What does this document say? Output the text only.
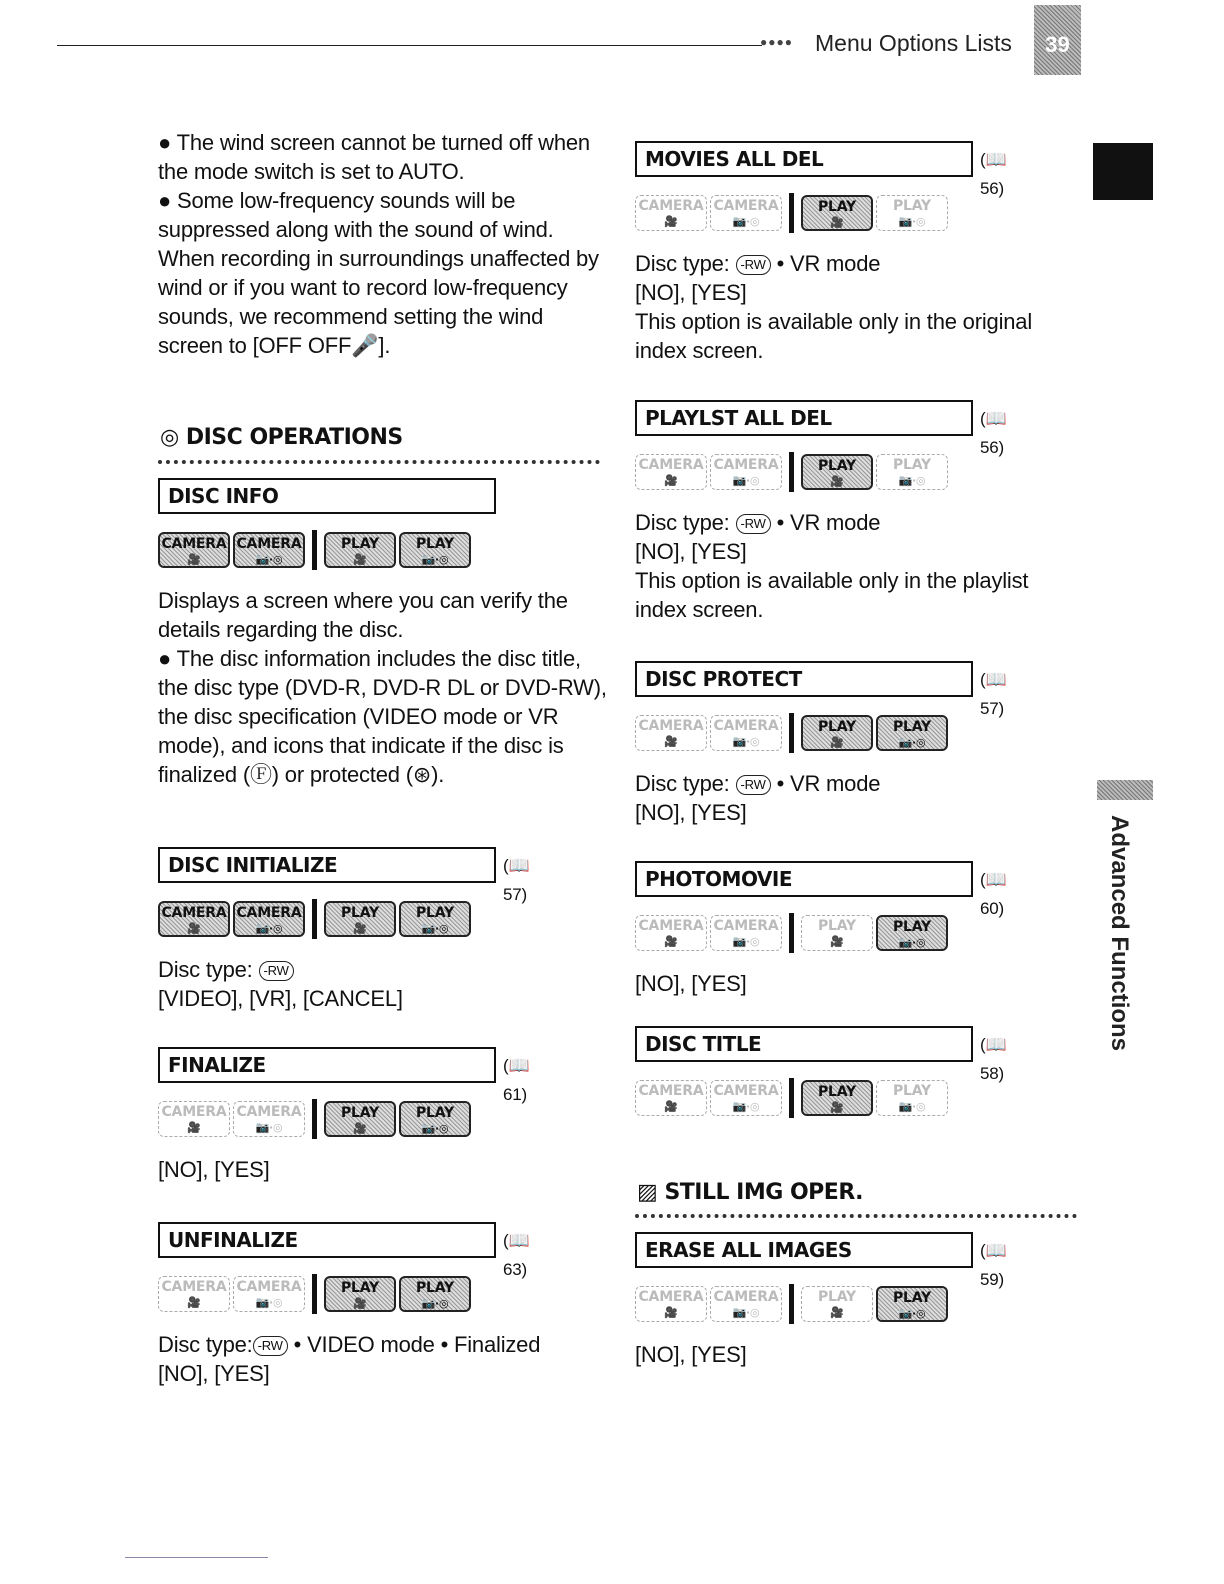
●●●● Menu Options Lists	39
● The wind screen cannot be turned off when the mode switch is set to AUTO.
● Some low-frequency sounds will be suppressed along with the sound of wind. When recording in surroundings unaffected by wind or if you want to record low-frequency sounds, we recommend setting the wind screen to [OFF OFF🎤].
◎ DISC OPERATIONS
▨ STILL IMG OPER.
DISC INFO
CAMERA
🎥
CAMERA
📷·◎
PLAY
🎥
PLAY
📷·◎
Displays a screen where you can verify the details regarding the disc.
● The disc information includes the disc title, the disc type (DVD-R, DVD-R DL or DVD-RW), the disc specification (VIDEO mode or VR mode), and icons that indicate if the disc is finalized (Ⓕ) or protected (⊛).
DISC INITIALIZE	(📖 57)
CAMERA
🎥
CAMERA
📷·◎
PLAY
🎥
PLAY
📷·◎
Disc type: -RW
[VIDEO], [VR], [CANCEL]
FINALIZE	(📖 61)
CAMERA
🎥
CAMERA
📷·◎
PLAY
🎥
PLAY
📷·◎
[NO], [YES]
UNFINALIZE	(📖 63)
CAMERA
🎥
CAMERA
📷·◎
PLAY
🎥
PLAY
📷·◎
Disc type: -RW • VIDEO mode • Finalized
[NO], [YES]
MOVIES ALL DEL	(📖 56)
CAMERA
🎥
CAMERA
📷·◎
PLAY
🎥
PLAY
📷·◎
Disc type: -RW • VR mode
[NO], [YES]
This option is available only in the original index screen.
PLAYLST ALL DEL	(📖 56)
CAMERA
🎥
CAMERA
📷·◎
PLAY
🎥
PLAY
📷·◎
Disc type: -RW • VR mode
[NO], [YES]
This option is available only in the playlist index screen.
DISC PROTECT	(📖 57)
CAMERA
🎥
CAMERA
📷·◎
PLAY
🎥
PLAY
📷·◎
Disc type: -RW • VR mode
[NO], [YES]
PHOTOMOVIE	(📖 60)
CAMERA
🎥
CAMERA
📷·◎
PLAY
🎥
PLAY
📷·◎
[NO], [YES]
DISC TITLE	(📖 58)
CAMERA
🎥
CAMERA
📷·◎
PLAY
🎥
PLAY
📷·◎
ERASE ALL IMAGES	(📖 59)
CAMERA
🎥
CAMERA
📷·◎
PLAY
🎥
PLAY
📷·◎
[NO], [YES]
Advanced Functions
